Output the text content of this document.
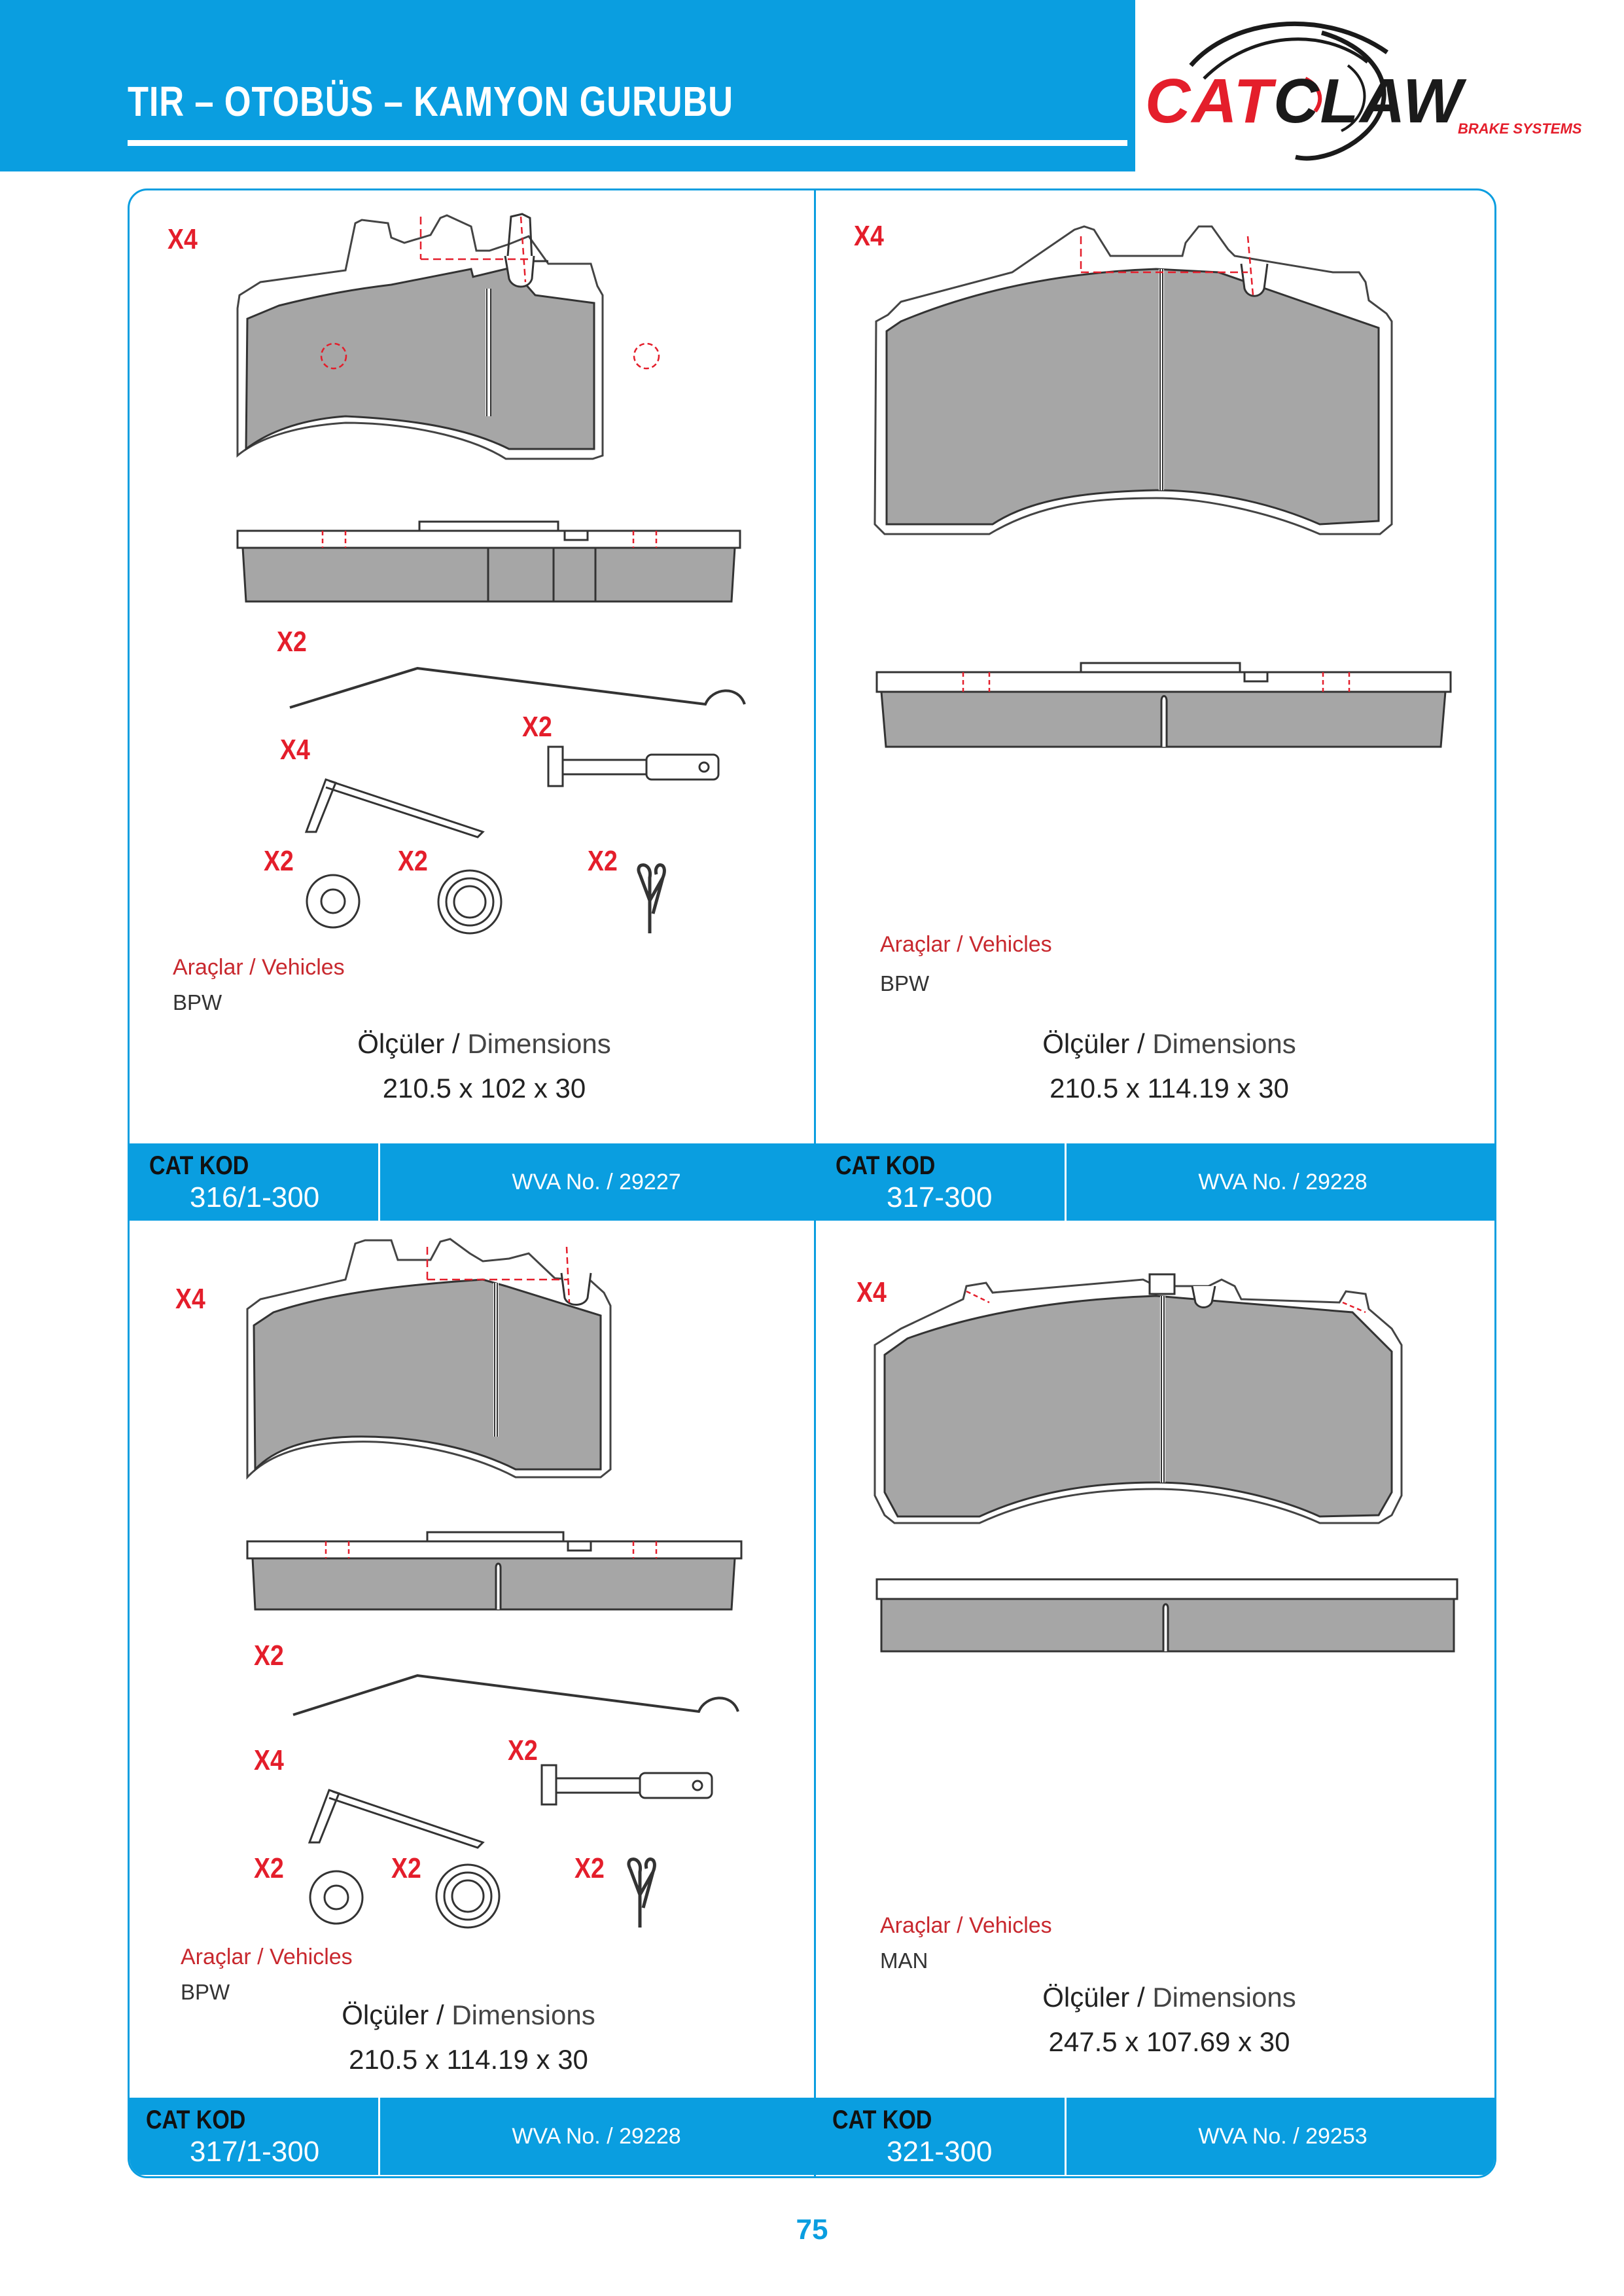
TIR – OTOBÜS – KAMYON GURUBU	CATCLAW
BRAKE SYSTEMS
X4
X2
X4
X2
X2	X2	X2
Araçlar / Vehicles
BPW
Ölçüler / Dimensions
210.5 x 102 x 30
CAT KOD
316/1-300	WVA No. / 29227
X4
Araçlar / Vehicles
BPW
Ölçüler / Dimensions
210.5 x 114.19 x 30
CAT KOD
317-300	WVA No. / 29228
X4
X2
X4	X2
X2	X2	X2
Araçlar / Vehicles
BPW
Ölçüler / Dimensions
210.5 x 114.19 x 30
CAT KOD
317/1-300	WVA No. / 29228
X4
Araçlar / Vehicles
MAN
Ölçüler / Dimensions
247.5 x 107.69 x 30
CAT KOD
321-300	WVA No. / 29253
75
